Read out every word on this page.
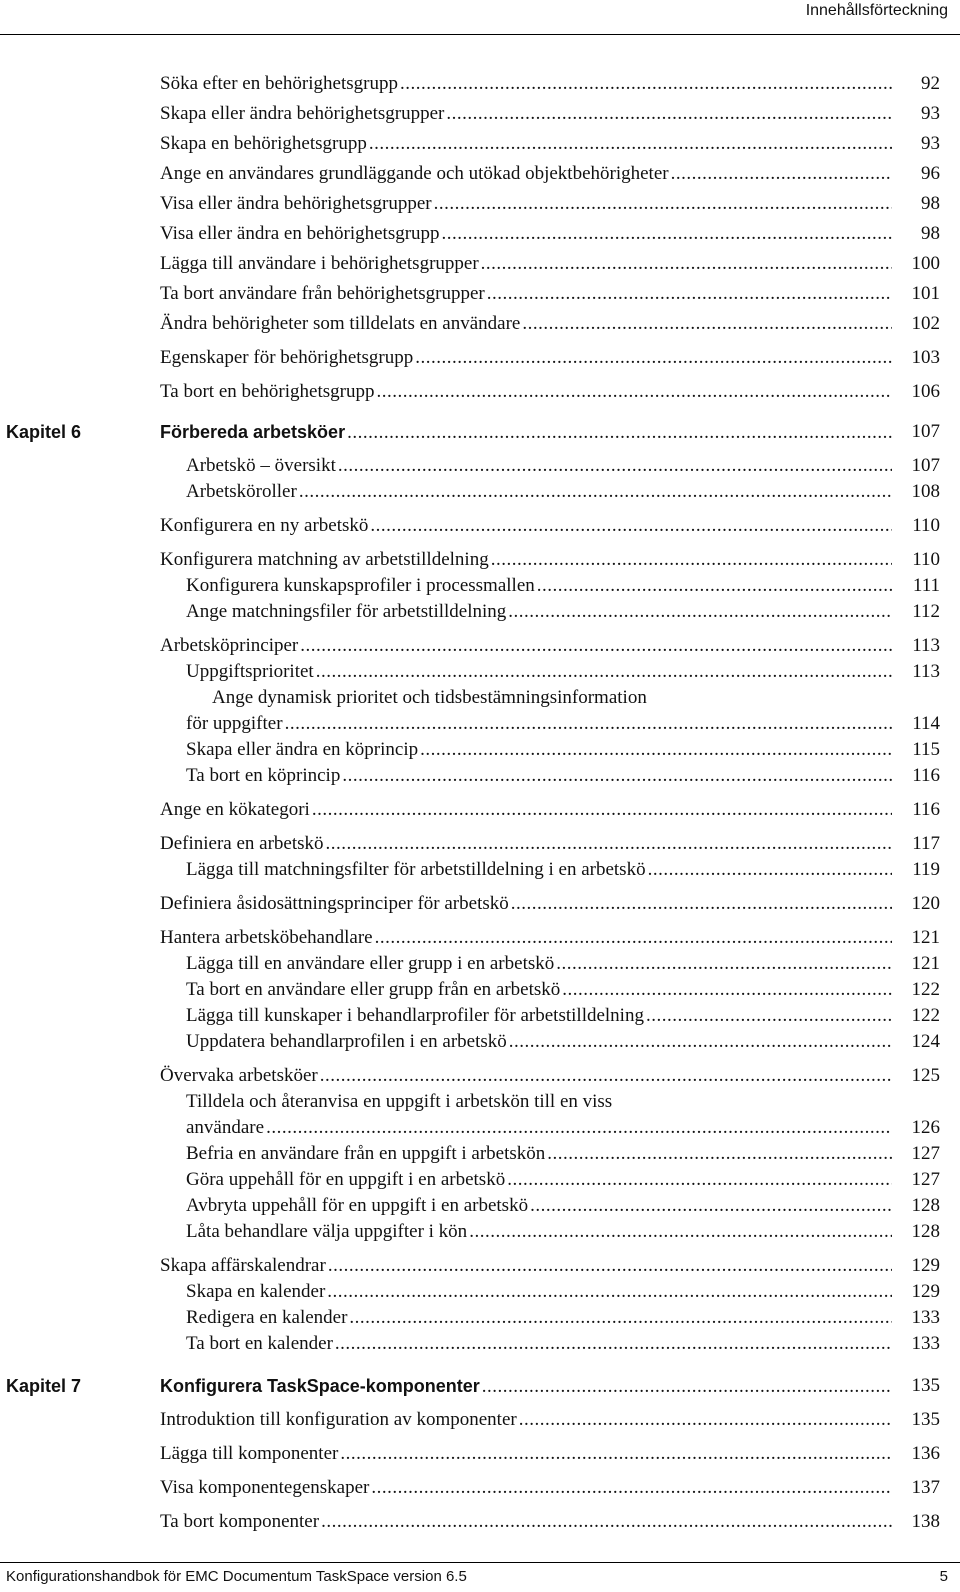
Innehållsförteckning
Söka efter en behörighetsgrupp .....	92
Skapa eller ändra behörighetsgrupper .....	93
Skapa en behörighetsgrupp .....	93
Ange en användares grundläggande och utökad objektbehörigheter .....	96
Visa eller ändra behörighetsgrupper .....	98
Visa eller ändra en behörighetsgrupp .....	98
Lägga till användare i behörighetsgrupper .....	100
Ta bort användare från behörighetsgrupper .....	101
Ändra behörigheter som tilldelats en användare .....	102
Egenskaper för behörighetsgrupp .....	103
Ta bort en behörighetsgrupp .....	106
Kapitel 6	Förbereda arbetsköer .....	107
Arbetskö – översikt .....	107
Arbetsköroller .....	108
Konfigurera en ny arbetskö .....	110
Konfigurera matchning av arbetstilldelning .....	110
Konfigurera kunskapsprofiler i processmallen .....	111
Ange matchningsfiler för arbetstilldelning .....	112
Arbetsköprinciper .....	113
Uppgiftsprioritet .....	113
Ange dynamisk prioritet och tidsbestämningsinformation
för uppgifter .....	114
Skapa eller ändra en köprincip .....	115
Ta bort en köprincip .....	116
Ange en kökategori .....	116
Definiera en arbetskö .....	117
Lägga till matchningsfilter för arbetstilldelning i en arbetskö .....	119
Definiera åsidosättningsprinciper för arbetskö .....	120
Hantera arbetsköbehandlare .....	121
Lägga till en användare eller grupp i en arbetskö .....	121
Ta bort en användare eller grupp från en arbetskö .....	122
Lägga till kunskaper i behandlarprofiler för arbetstilldelning .....	122
Uppdatera behandlarprofilen i en arbetskö .....	124
Övervaka arbetsköer .....	125
Tilldela och återanvisa en uppgift i arbetskön till en viss
användare .....	126
Befria en användare från en uppgift i arbetskön .....	127
Göra uppehåll för en uppgift i en arbetskö .....	127
Avbryta uppehåll för en uppgift i en arbetskö .....	128
Låta behandlare välja uppgifter i kön .....	128
Skapa affärskalendrar .....	129
Skapa en kalender .....	129
Redigera en kalender .....	133
Ta bort en kalender .....	133
Kapitel 7	Konfigurera TaskSpace-komponenter .....	135
Introduktion till konfiguration av komponenter .....	135
Lägga till komponenter .....	136
Visa komponentegenskaper .....	137
Ta bort komponenter .....	138
Konfigurationshandbok för EMC Documentum TaskSpace version 6.5	5
